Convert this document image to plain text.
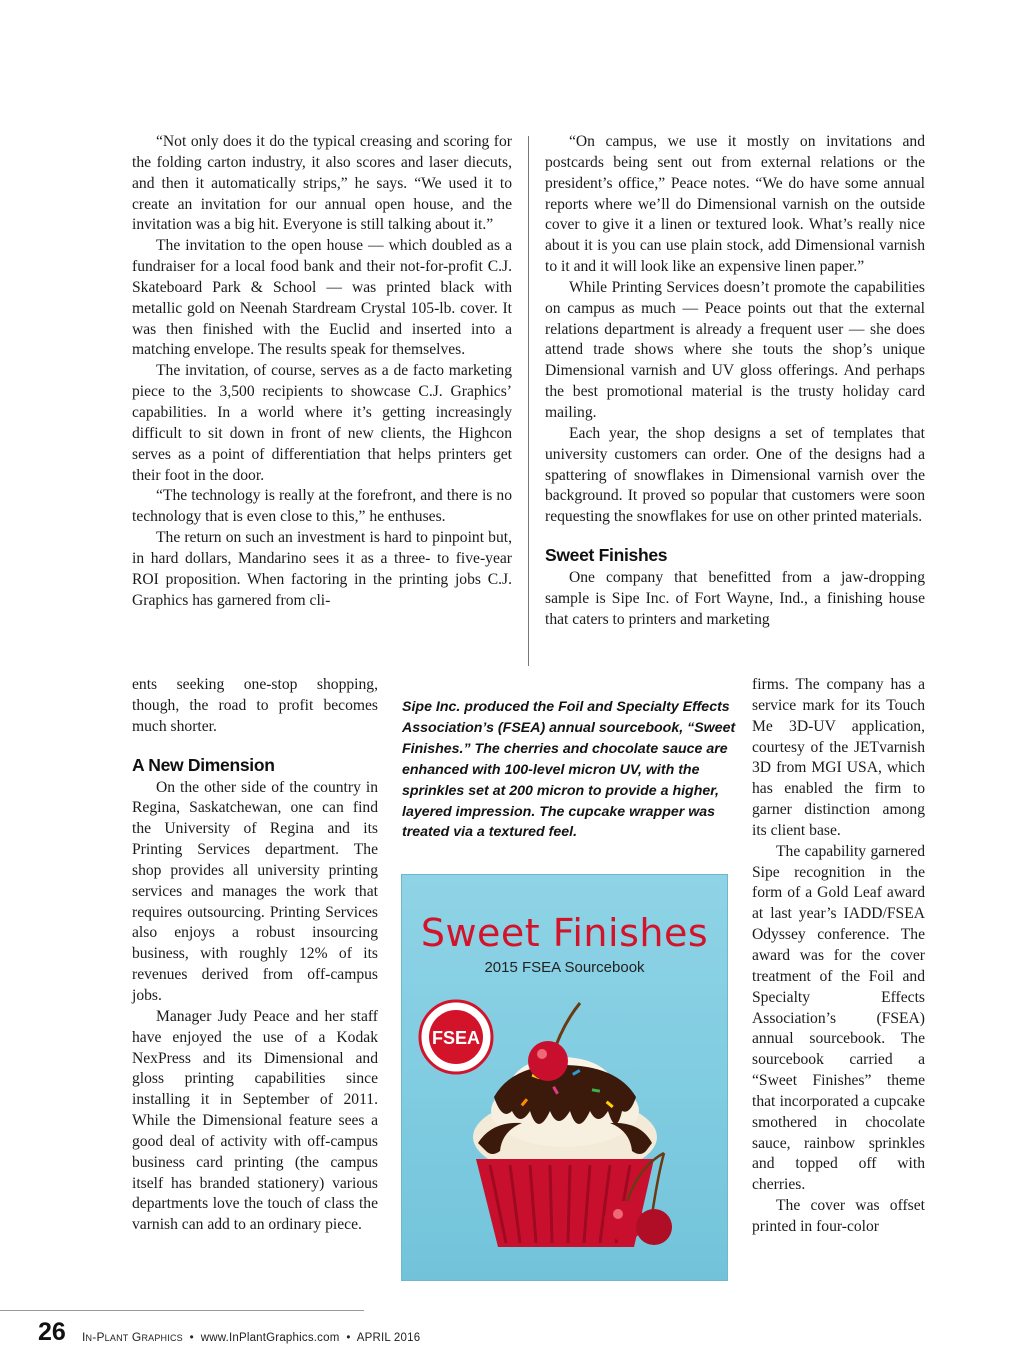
“Not only does it do the typical creasing and scoring for the folding carton industry, it also scores and laser diecuts, and then it automatically strips,” he says. “We used it to create an invitation for our annual open house, and the invitation was a big hit. Everyone is still talking about it.”

The invitation to the open house — which doubled as a fundraiser for a local food bank and their not-for-profit C.J. Skateboard Park & School — was printed black with metallic gold on Neenah Stardream Crystal 105-lb. cover. It was then finished with the Euclid and inserted into a matching envelope. The results speak for themselves.

The invitation, of course, serves as a de facto marketing piece to the 3,500 recipients to showcase C.J. Graphics’ capabilities. In a world where it’s getting increasingly difficult to sit down in front of new clients, the Highcon serves as a point of differentiation that helps printers get their foot in the door.

“The technology is really at the forefront, and there is no technology that is even close to this,” he enthuses.

The return on such an investment is hard to pinpoint but, in hard dollars, Mandarino sees it as a three- to five-year ROI proposition. When factoring in the printing jobs C.J. Graphics has garnered from cli-

ents seeking one-stop shopping, though, the road to profit becomes much shorter.

A New Dimension

On the other side of the country in Regina, Saskatchewan, one can find the University of Regina and its Printing Services department. The shop provides all university printing services and manages the work that requires outsourcing. Printing Services also enjoys a robust insourcing business, with roughly 12% of its revenues derived from off-campus jobs.

Manager Judy Peace and her staff have enjoyed the use of a Kodak NexPress and its Dimensional and gloss printing capabilities since installing it in September of 2011. While the Dimensional feature sees a good deal of activity with off-campus business card printing (the campus itself has branded stationery) various departments love the touch of class the varnish can add to an ordinary piece.

“On campus, we use it mostly on invitations and postcards being sent out from external relations or the president’s office,” Peace notes. “We do have some annual reports where we’ll do Dimensional varnish on the outside cover to give it a linen or textured look. What’s really nice about it is you can use plain stock, add Dimensional varnish to it and it will look like an expensive linen paper.”

While Printing Services doesn’t promote the capabilities on campus as much — Peace points out that the external relations department is already a frequent user — she does attend trade shows where she touts the shop’s unique Dimensional varnish and UV gloss offerings. And perhaps the best promotional material is the trusty holiday card mailing.

Each year, the shop designs a set of templates that university customers can order. One of the designs had a spattering of snowflakes in Dimensional varnish over the background. It proved so popular that customers were soon requesting the snowflakes for use on other printed materials.

Sweet Finishes

One company that benefitted from a jaw-dropping sample is Sipe Inc. of Fort Wayne, Ind., a finishing house that caters to printers and marketing

firms. The company has a service mark for its Touch Me 3D-UV application, courtesy of the JETvarnish 3D from MGI USA, which has enabled the firm to garner distinction among its client base.

The capability garnered Sipe recognition in the form of a Gold Leaf award at last year’s IADD/FSEA Odyssey conference. The award was for the cover treatment of the Foil and Specialty Effects Association’s (FSEA) annual sourcebook. The sourcebook carried a “Sweet Finishes” theme that incorporated a cupcake smothered in chocolate sauce, rainbow sprinkles and topped off with cherries.

The cover was offset printed in four-color

Sipe Inc. produced the Foil and Specialty Effects Association’s (FSEA) annual sourcebook, “Sweet Finishes.” The cherries and chocolate sauce are enhanced with 100-level micron UV, with the sprinkles set at 200 micron to provide a higher, layered impression. The cupcake wrapper was treated via a textured feel.
Sweet Finishes
2015 FSEA Sourcebook
FSEA
26 IN-PLANT GRAPHICS • www.InPlantGraphics.com • APRIL 2016
